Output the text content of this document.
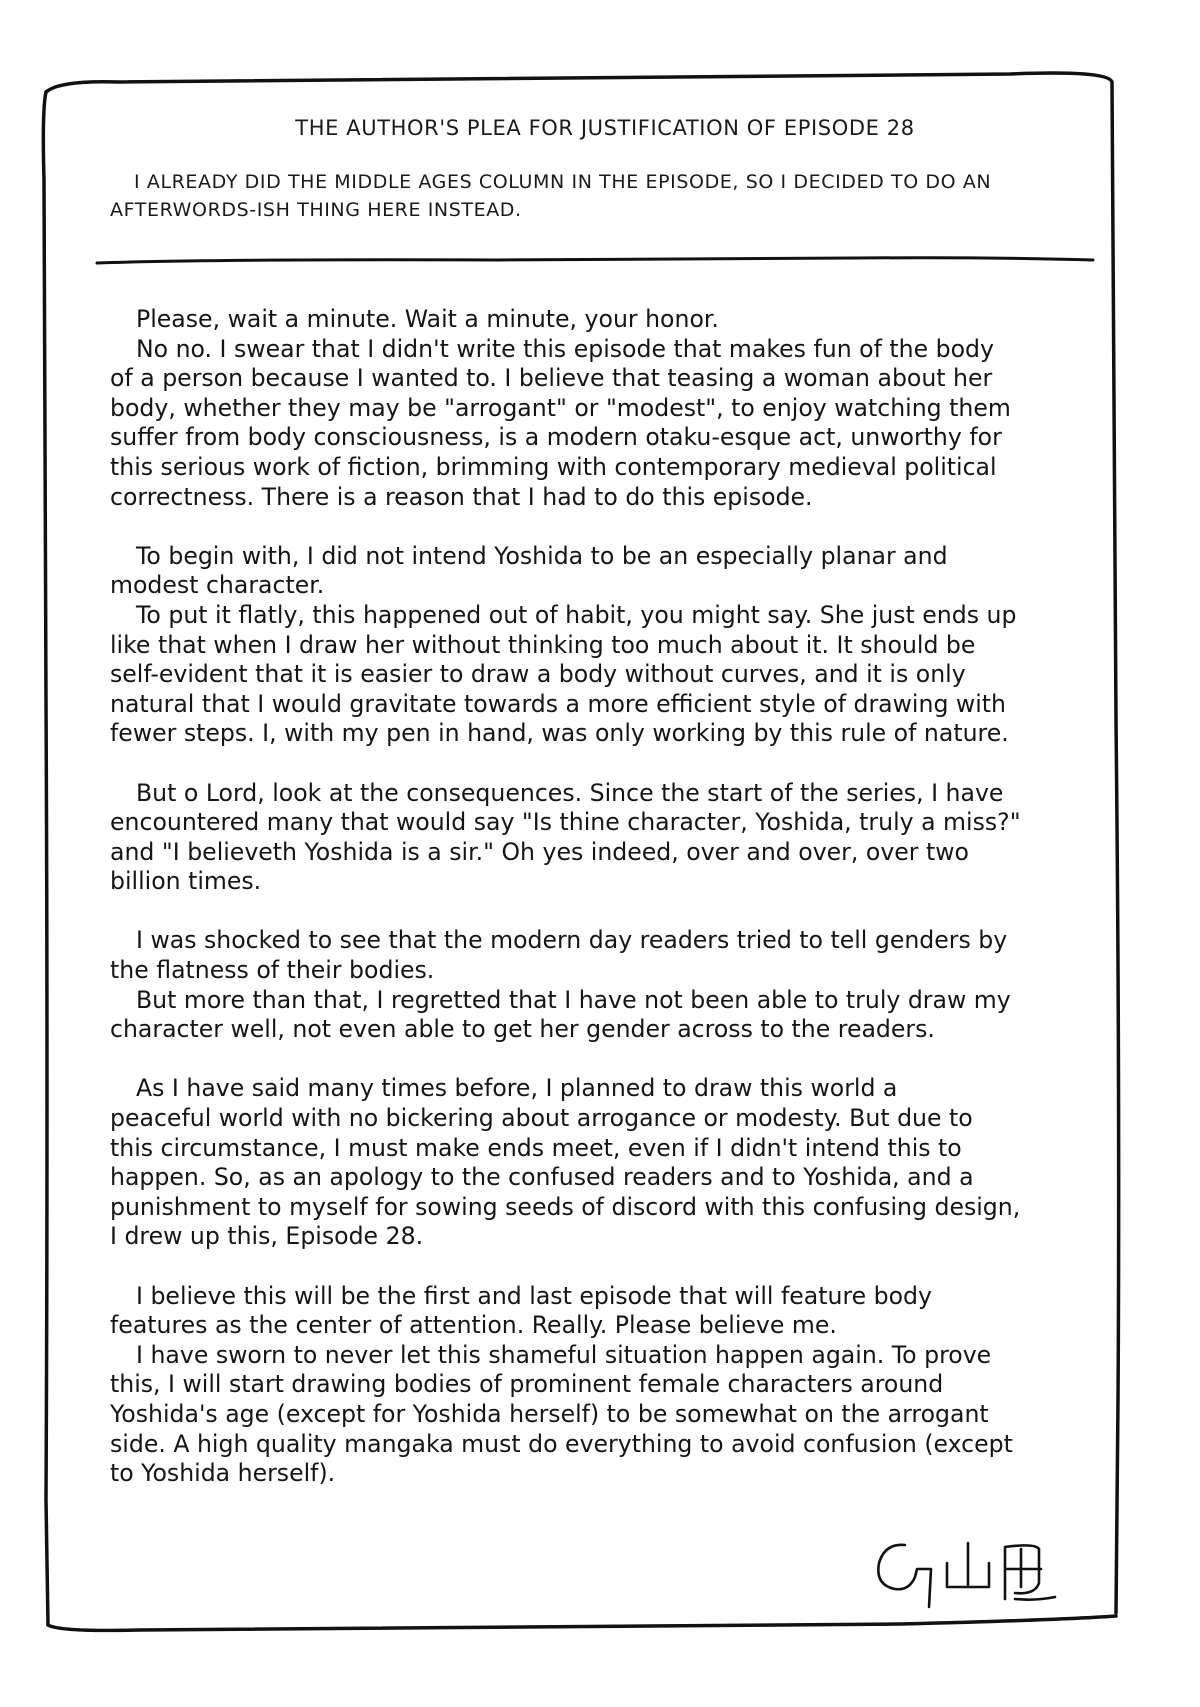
THE AUTHOR'S PLEA FOR JUSTIFICATION OF EPISODE 28

I ALREADY DID THE MIDDLE AGES COLUMN IN THE EPISODE, SO I DECIDED TO DO AN AFTERWORDS-ISH THING HERE INSTEAD.

Please, wait a minute. Wait a minute, your honor.

No no. I swear that I didn't write this episode that makes fun of the body
of a person because I wanted to. I believe that teasing a woman about her
body, whether they may be "arrogant" or "modest", to enjoy watching them
suffer from body consciousness, is a modern otaku-esque act, unworthy for
this serious work of fiction, brimming with contemporary medieval political
correctness. There is a reason that I had to do this episode.

To begin with, I did not intend Yoshida to be an especially planar and
modest character.

To put it flatly, this happened out of habit, you might say. She just ends up
like that when I draw her without thinking too much about it. It should be
self-evident that it is easier to draw a body without curves, and it is only
natural that I would gravitate towards a more efficient style of drawing with
fewer steps. I, with my pen in hand, was only working by this rule of nature.

But o Lord, look at the consequences. Since the start of the series, I have
encountered many that would say "Is thine character, Yoshida, truly a miss?"
and "I believeth Yoshida is a sir." Oh yes indeed, over and over, over two
billion times.

I was shocked to see that the modern day readers tried to tell genders by
the flatness of their bodies.

But more than that, I regretted that I have not been able to truly draw my
character well, not even able to get her gender across to the readers.

As I have said many times before, I planned to draw this world a
peaceful world with no bickering about arrogance or modesty. But due to
this circumstance, I must make ends meet, even if I didn't intend this to
happen. So, as an apology to the confused readers and to Yoshida, and a
punishment to myself for sowing seeds of discord with this confusing design,
I drew up this, Episode 28.

I believe this will be the first and last episode that will feature body
features as the center of attention. Really. Please believe me.

I have sworn to never let this shameful situation happen again. To prove
this, I will start drawing bodies of prominent female characters around
Yoshida's age (except for Yoshida herself) to be somewhat on the arrogant
side. A high quality mangaka must do everything to avoid confusion (except
to Yoshida herself).
